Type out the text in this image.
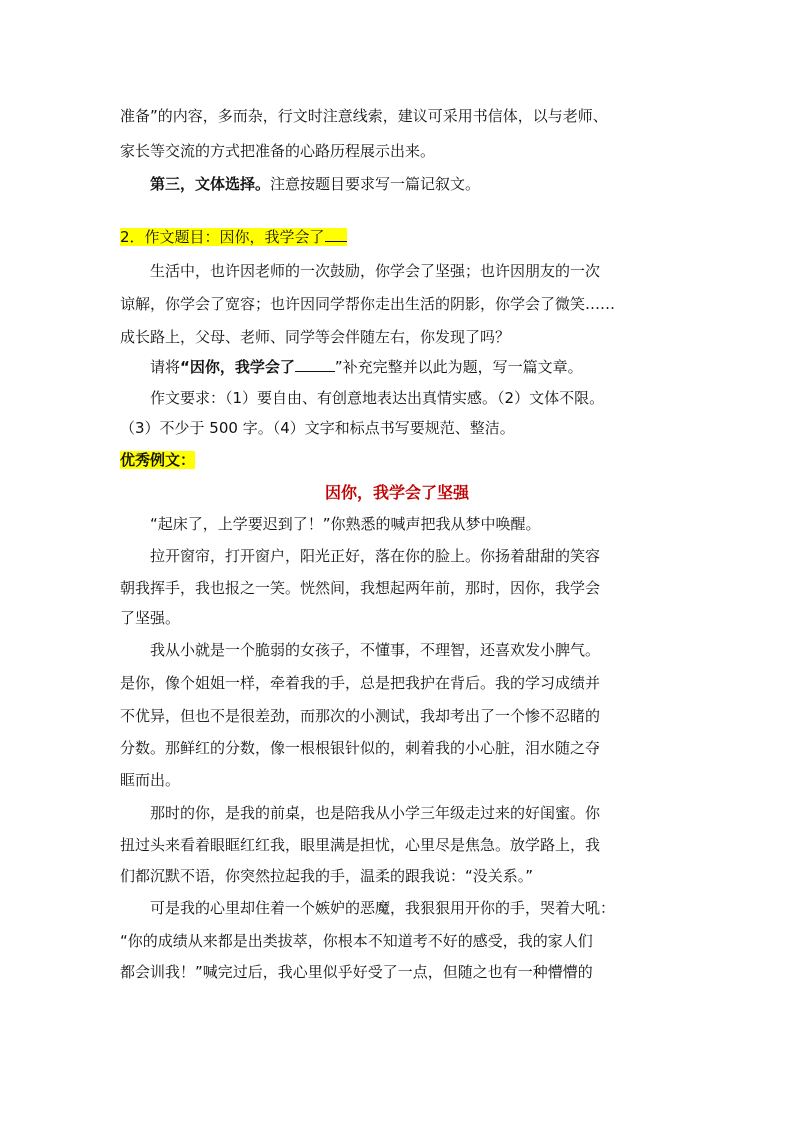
准备”的内容，多而杂，行文时注意线索，建议可采用书信体，以与老师、
家长等交流的方式把准备的心路历程展示出来。
第三，文体选择。注意按题目要求写一篇记叙文。
2．作文题目：因你，我学会了
生活中，也许因老师的一次鼓励，你学会了坚强；也许因朋友的一次
谅解，你学会了宽容；也许因同学帮你走出生活的阴影，你学会了微笑……
成长路上，父母、老师、同学等会伴随左右，你发现了吗？
请将“因你，我学会了	”补充完整并以此为题，写一篇文章。
作文要求：（1）要自由、有创意地表达出真情实感。（2）文体不限。
（3）不少于 500 字。（4）文字和标点书写要规范、整洁。
优秀例文：
因你，我学会了坚强
“起床了，上学要迟到了！”你熟悉的喊声把我从梦中唤醒。
拉开窗帘，打开窗户，阳光正好，落在你的脸上。你扬着甜甜的笑容
朝我挥手，我也报之一笑。恍然间，我想起两年前，那时，因你，我学会
了坚强。
我从小就是一个脆弱的女孩子，不懂事，不理智，还喜欢发小脾气。
是你，像个姐姐一样，牵着我的手，总是把我护在背后。我的学习成绩并
不优异，但也不是很差劲，而那次的小测试，我却考出了一个惨不忍睹的
分数。那鲜红的分数，像一根根银针似的，刺着我的小心脏，泪水随之夺
眶而出。
那时的你，是我的前桌，也是陪我从小学三年级走过来的好闺蜜。你
扭过头来看着眼眶红红我，眼里满是担忧，心里尽是焦急。放学路上，我
们都沉默不语，你突然拉起我的手，温柔的跟我说：“没关系。”
可是我的心里却住着一个嫉妒的恶魔，我狠狠用开你的手，哭着大吼：
“你的成绩从来都是出类拔萃，你根本不知道考不好的感受，我的家人们
都会训我！”喊完过后，我心里似乎好受了一点，但随之也有一种懵懵的
